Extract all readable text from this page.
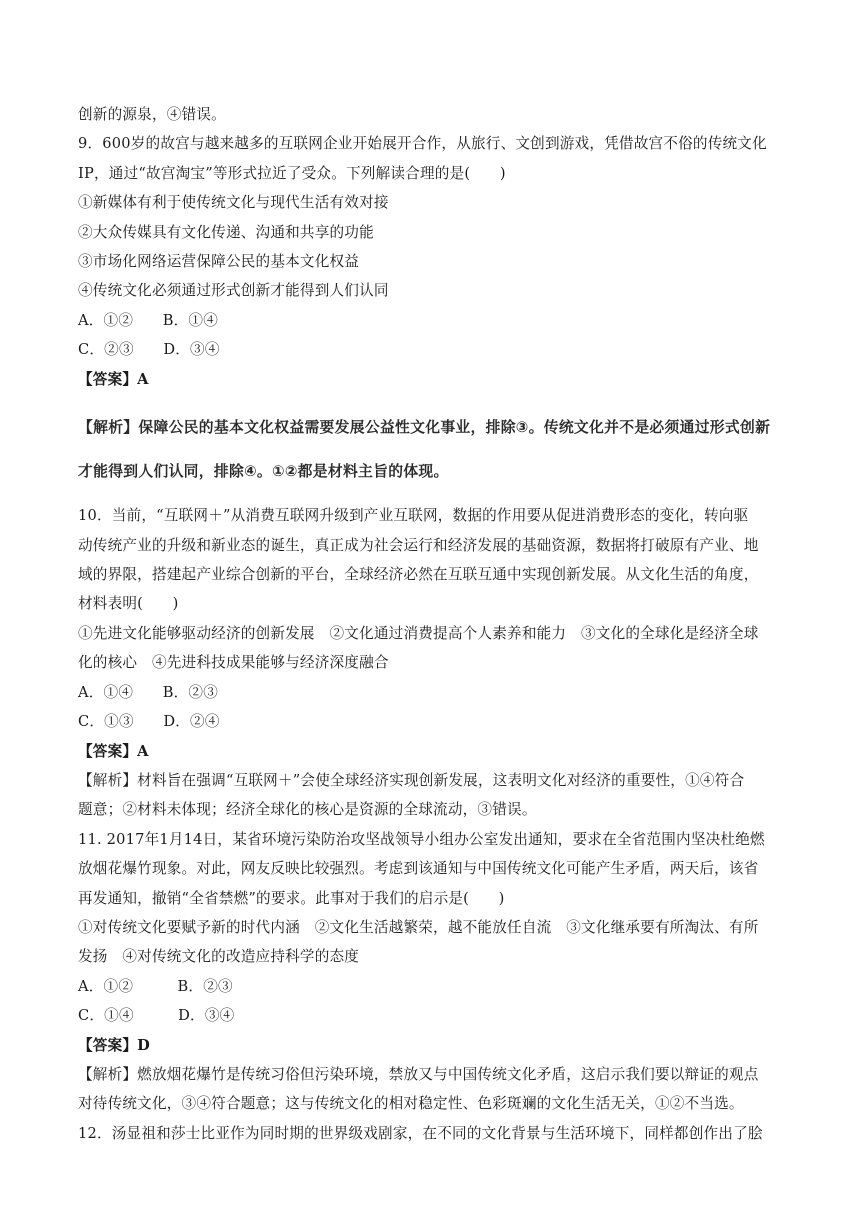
创新的源泉，④错误。

9．600岁的故宫与越来越多的互联网企业开始展开合作，从旅行、文创到游戏，凭借故宫不俗的传统文化

IP，通过“故宫淘宝”等形式拉近了受众。下列解读合理的是(　　)

①新媒体有利于使传统文化与现代生活有效对接

②大众传媒具有文化传递、沟通和共享的功能

③市场化网络运营保障公民的基本文化权益

④传统文化必须通过形式创新才能得到人们认同

A．①②　　B．①④

C．②③　　D．③④

【答案】A

【解析】保障公民的基本文化权益需要发展公益性文化事业，排除③。传统文化并不是必须通过形式创新

才能得到人们认同，排除④。①②都是材料主旨的体现。

10．当前，“互联网＋”从消费互联网升级到产业互联网，数据的作用要从促进消费形态的变化，转向驱

动传统产业的升级和新业态的诞生，真正成为社会运行和经济发展的基础资源，数据将打破原有产业、地

域的界限，搭建起产业综合创新的平台，全球经济必然在互联互通中实现创新发展。从文化生活的角度，

材料表明(　　)

①先进文化能够驱动经济的创新发展　②文化通过消费提高个人素养和能力　③文化的全球化是经济全球

化的核心　④先进科技成果能够与经济深度融合

A．①④　　B．②③

C．①③　　D．②④

【答案】A

【解析】材料旨在强调“互联网＋”会使全球经济实现创新发展，这表明文化对经济的重要性，①④符合

题意；②材料未体现；经济全球化的核心是资源的全球流动，③错误。

11. 2017年1月14日，某省环境污染防治攻坚战领导小组办公室发出通知，要求在全省范围内坚决杜绝燃

放烟花爆竹现象。对此，网友反映比较强烈。考虑到该通知与中国传统文化可能产生矛盾，两天后，该省

再发通知，撤销“全省禁燃”的要求。此事对于我们的启示是(　　)

①对传统文化要赋予新的时代内涵　②文化生活越繁荣，越不能放任自流　③文化继承要有所淘汰、有所

发扬　④对传统文化的改造应持科学的态度

A．①②　　　B．②③

C．①④　　　D．③④

【答案】D

【解析】燃放烟花爆竹是传统习俗但污染环境，禁放又与中国传统文化矛盾，这启示我们要以辩证的观点

对待传统文化，③④符合题意；这与传统文化的相对稳定性、色彩斑斓的文化生活无关，①②不当选。

12．汤显祖和莎士比亚作为同时期的世界级戏剧家，在不同的文化背景与生活环境下，同样都创作出了脍
